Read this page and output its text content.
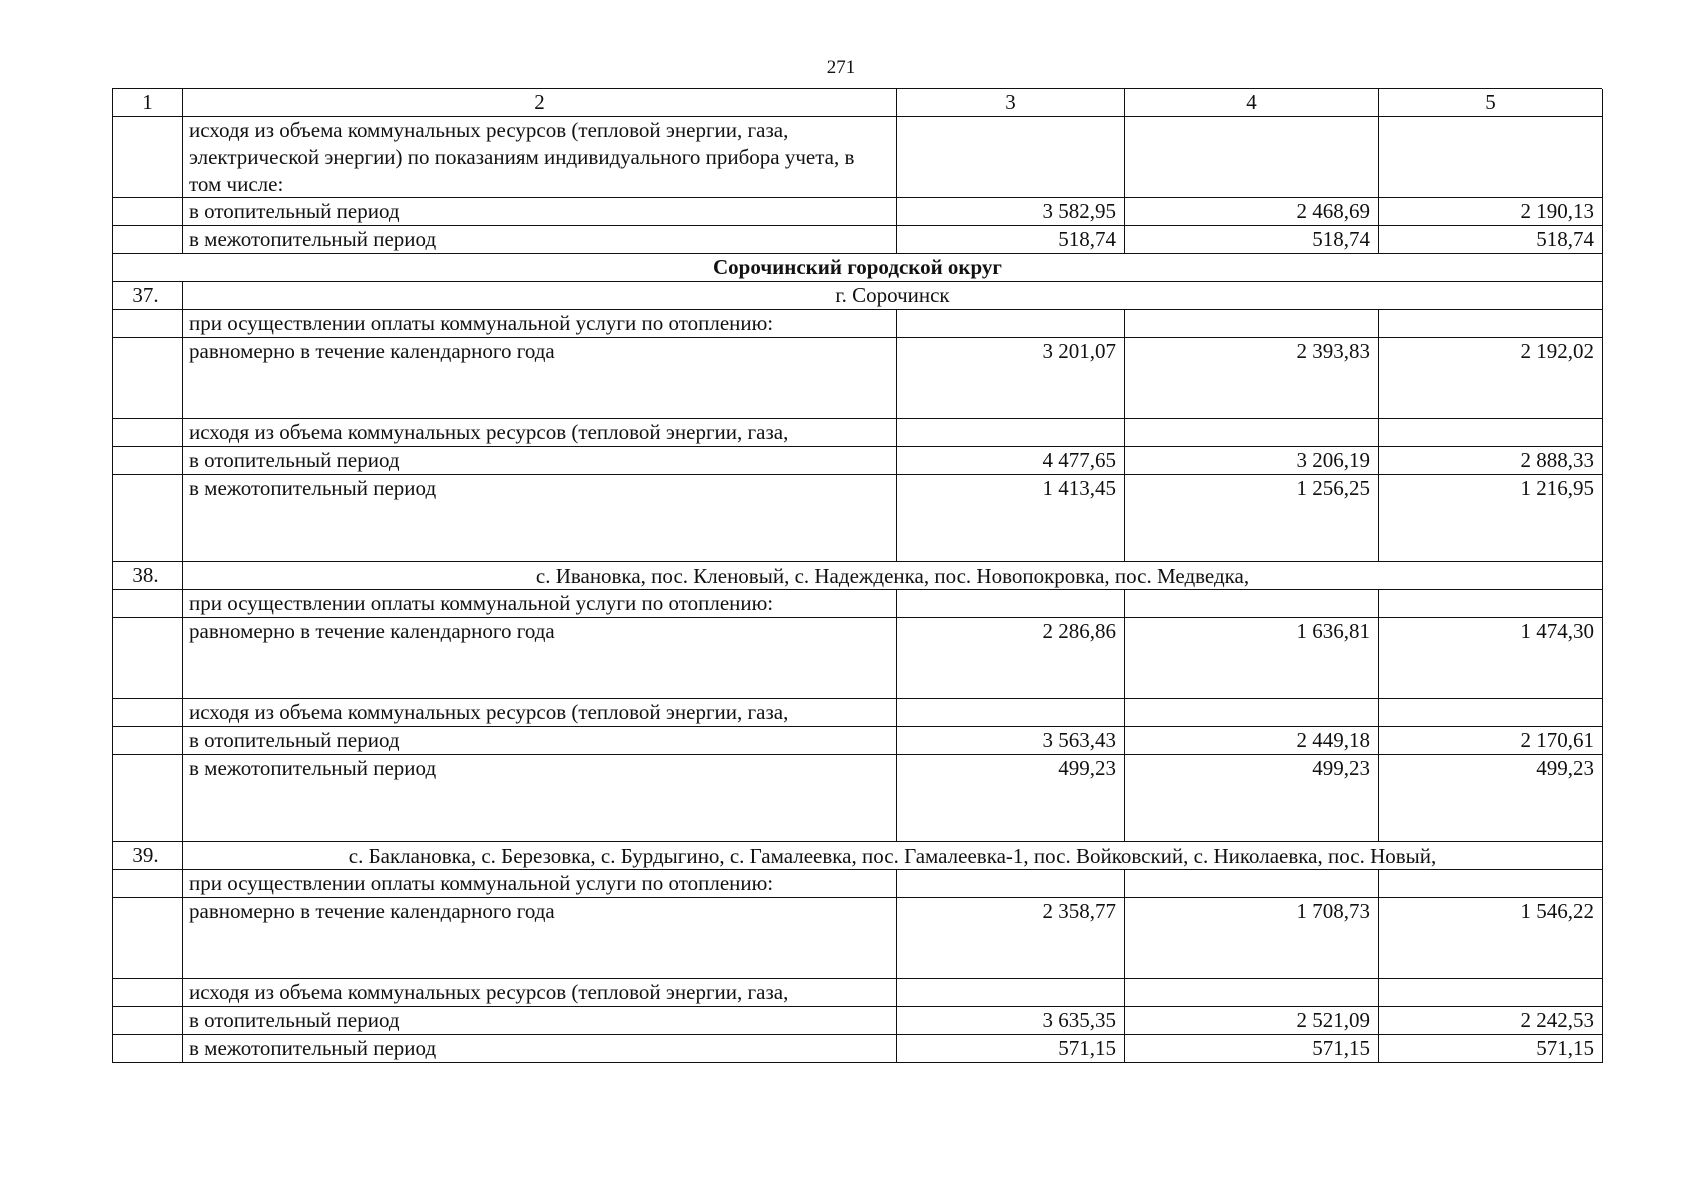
271
1	2	3	4	5
исходя из объема коммунальных ресурсов (тепловой энергии, газа, электрической энергии) по показаниям индивидуального прибора учета, в том числе:
в отопительный период	3 582,95	2 468,69	2 190,13
в межотопительный период	518,74	518,74	518,74
Сорочинский городской округ
37.	г. Сорочинск
при осуществлении оплаты коммунальной услуги по отоплению:
равномерно в течение календарного года	3 201,07	2 393,83	2 192,02
исходя из объема коммунальных ресурсов (тепловой энергии, газа,
в отопительный период	4 477,65	3 206,19	2 888,33
в межотопительный период	1 413,45	1 256,25	1 216,95
38.	с. Ивановка, пос. Кленовый, с. Надежденка, пос. Новопокровка, пос. Медведка,

при осуществлении оплаты коммунальной услуги по отоплению:
равномерно в течение календарного года	2 286,86	1 636,81	1 474,30
исходя из объема коммунальных ресурсов (тепловой энергии, газа,
в отопительный период	3 563,43	2 449,18	2 170,61
в межотопительный период	499,23	499,23	499,23
39.	с. Бакланoвка, с. Березовка, с. Бурдыгино, с. Гамалеевка, пос. Гамалеевка-1, пос. Войковский, с. Николаевка, пос. Новый,

при осуществлении оплаты коммунальной услуги по отоплению:
равномерно в течение календарного года	2 358,77	1 708,73	1 546,22
исходя из объема коммунальных ресурсов (тепловой энергии, газа,
в отопительный период	3 635,35	2 521,09	2 242,53
в межотопительный период	571,15	571,15	571,15
